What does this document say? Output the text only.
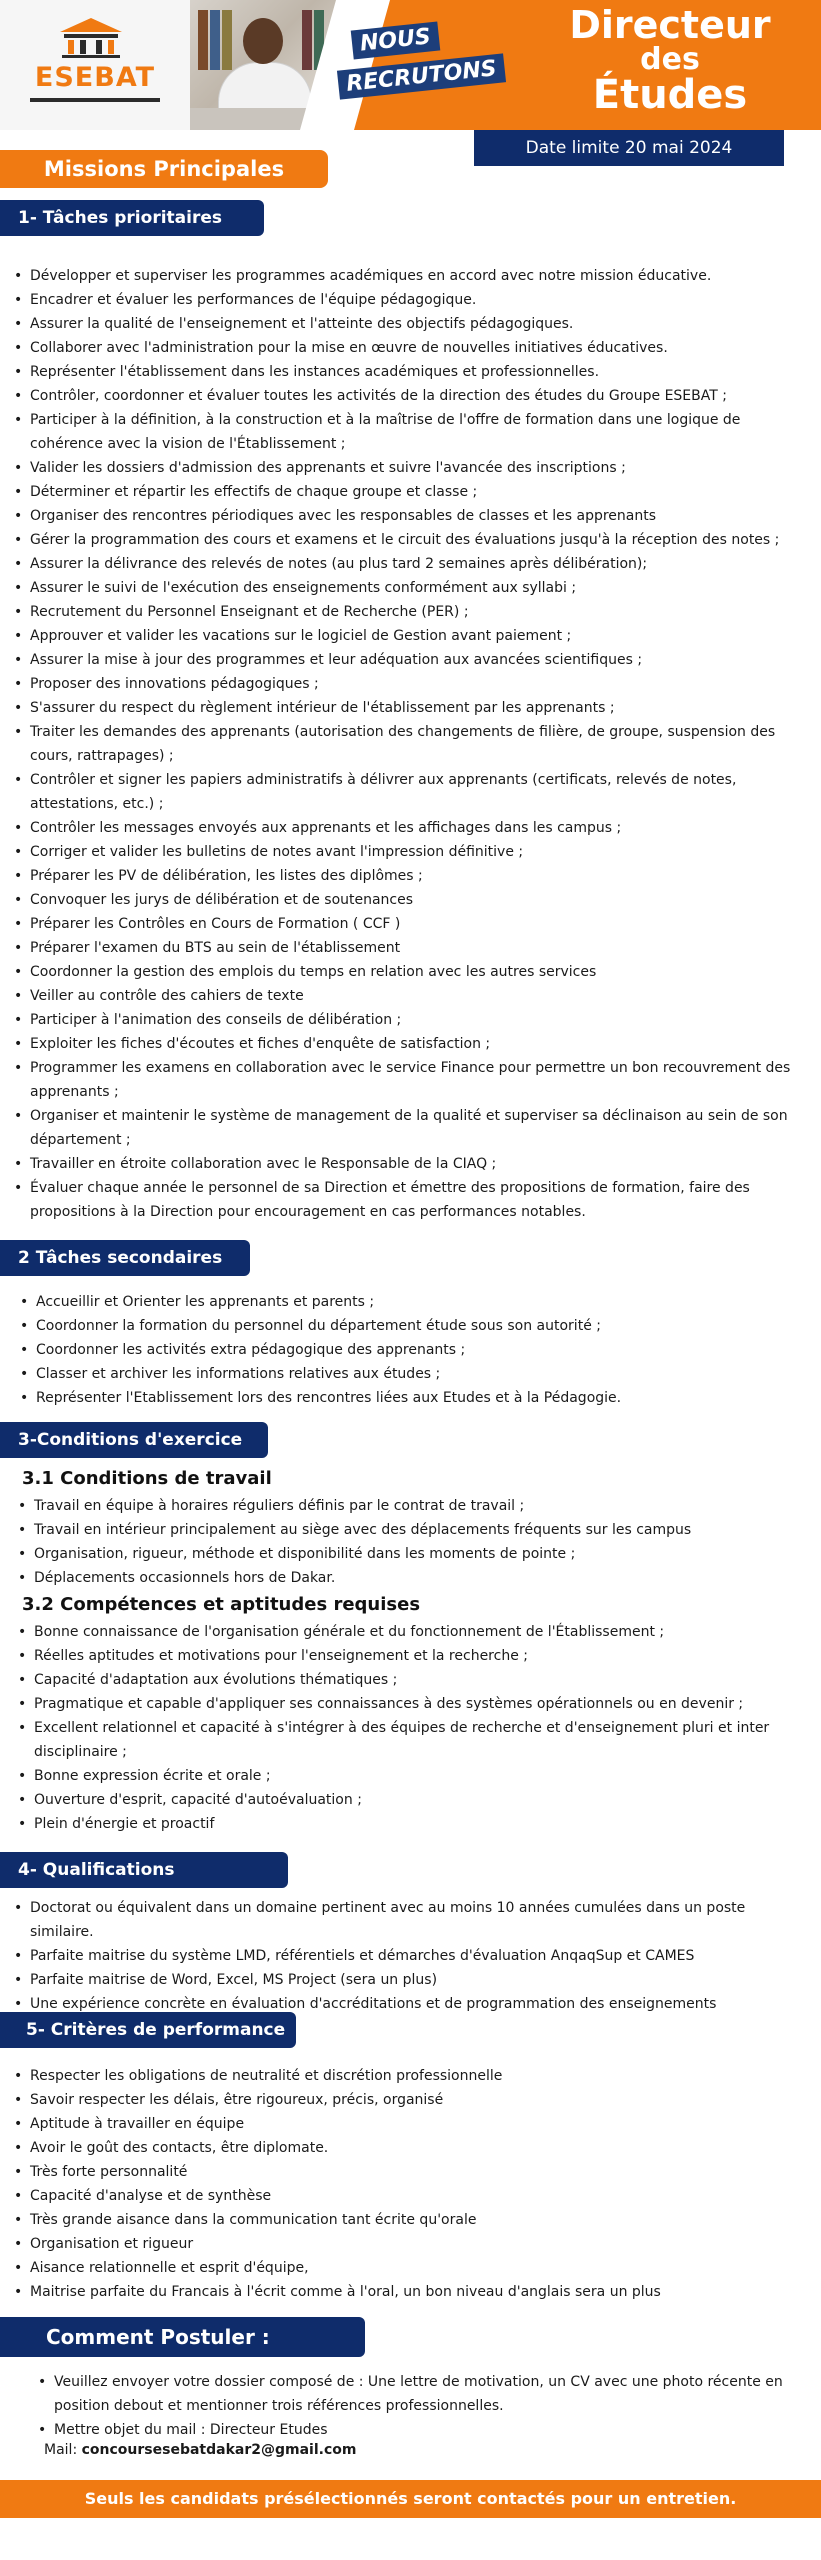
ESEBAT
NOUS
RECRUTONS
Directeur
des
Études
Date limite 20 mai 2024
Missions Principales
1- Tâches prioritaires
• Développer et superviser les programmes académiques en accord avec notre mission éducative.
• Encadrer et évaluer les performances de l'équipe pédagogique.
• Assurer la qualité de l'enseignement et l'atteinte des objectifs pédagogiques.
• Collaborer avec l'administration pour la mise en œuvre de nouvelles initiatives éducatives.
• Représenter l'établissement dans les instances académiques et professionnelles.
• Contrôler, coordonner et évaluer toutes les activités de la direction des études du Groupe ESEBAT ;
• Participer à la définition, à la construction et à la maîtrise de l'offre de formation dans une logique de cohérence avec la vision de l'Établissement ;
• Valider les dossiers d'admission des apprenants et suivre l'avancée des inscriptions ;
• Déterminer et répartir les effectifs de chaque groupe et classe ;
• Organiser des rencontres périodiques avec les responsables de classes et les apprenants
• Gérer la programmation des cours et examens et le circuit des évaluations jusqu'à la réception des notes ;
• Assurer la délivrance des relevés de notes (au plus tard 2 semaines après délibération);
• Assurer le suivi de l'exécution des enseignements conformément aux syllabi ;
• Recrutement du Personnel Enseignant et de Recherche (PER) ;
• Approuver et valider les vacations sur le logiciel de Gestion avant paiement ;
• Assurer la mise à jour des programmes et leur adéquation aux avancées scientifiques ;
• Proposer des innovations pédagogiques ;
• S'assurer du respect du règlement intérieur de l'établissement par les apprenants ;
• Traiter les demandes des apprenants (autorisation des changements de filière, de groupe, suspension des cours, rattrapages) ;
• Contrôler et signer les papiers administratifs à délivrer aux apprenants (certificats, relevés de notes, attestations, etc.) ;
• Contrôler les messages envoyés aux apprenants et les affichages dans les campus ;
• Corriger et valider les bulletins de notes avant l'impression définitive ;
• Préparer les PV de délibération, les listes des diplômes ;
• Convoquer les jurys de délibération et de soutenances
• Préparer les Contrôles en Cours de Formation ( CCF )
• Préparer l'examen du BTS au sein de l'établissement
• Coordonner la gestion des emplois du temps en relation avec les autres services
• Veiller au contrôle des cahiers de texte
• Participer à l'animation des conseils de délibération ;
• Exploiter les fiches d'écoutes et fiches d'enquête de satisfaction ;
• Programmer les examens en collaboration avec le service Finance pour permettre un bon recouvrement des apprenants ;
• Organiser et maintenir le système de management de la qualité et superviser sa déclinaison au sein de son département ;
• Travailler en étroite collaboration avec le Responsable de la CIAQ ;
• Évaluer chaque année le personnel de sa Direction et émettre des propositions de formation, faire des propositions à la Direction pour encouragement en cas performances notables.
2 Tâches secondaires
• Accueillir et Orienter les apprenants et parents ;
• Coordonner la formation du personnel du département étude sous son autorité ;
• Coordonner les activités extra pédagogique des apprenants ;
• Classer et archiver les informations relatives aux études ;
• Représenter l'Etablissement lors des rencontres liées aux Etudes et à la Pédagogie.
3-Conditions d'exercice
3.1 Conditions de travail
• Travail en équipe à horaires réguliers définis par le contrat de travail ;
• Travail en intérieur principalement au siège avec des déplacements fréquents sur les campus
• Organisation, rigueur, méthode et disponibilité dans les moments de pointe ;
• Déplacements occasionnels hors de Dakar.
3.2 Compétences et aptitudes requises
• Bonne connaissance de l'organisation générale et du fonctionnement de l'Établissement ;
• Réelles aptitudes et motivations pour l'enseignement et la recherche ;
• Capacité d'adaptation aux évolutions thématiques ;
• Pragmatique et capable d'appliquer ses connaissances à des systèmes opérationnels ou en devenir ;
• Excellent relationnel et capacité à s'intégrer à des équipes de recherche et d'enseignement pluri et inter disciplinaire ;
• Bonne expression écrite et orale ;
• Ouverture d'esprit, capacité d'autoévaluation ;
• Plein d'énergie et proactif
4- Qualifications
• Doctorat ou équivalent dans un domaine pertinent avec au moins 10 années cumulées dans un poste similaire.
• Parfaite maitrise du système LMD, référentiels et démarches d'évaluation AnqaqSup et CAMES
• Parfaite maitrise de Word, Excel, MS Project (sera un plus)
• Une expérience concrète en évaluation d'accréditations et de programmation des enseignements
5- Critères de performance
• Respecter les obligations de neutralité et discrétion professionnelle
• Savoir respecter les délais, être rigoureux, précis, organisé
• Aptitude à travailler en équipe
• Avoir le goût des contacts, être diplomate.
• Très forte personnalité
• Capacité d'analyse et de synthèse
• Très grande aisance dans la communication tant écrite qu'orale
• Organisation et rigueur
• Aisance relationnelle et esprit d'équipe,
• Maitrise parfaite du Francais à l'écrit comme à l'oral, un bon niveau d'anglais sera un plus
Comment Postuler :
• Veuillez envoyer votre dossier composé de : Une lettre de motivation, un CV avec une photo récente en position debout et mentionner trois références professionnelles.
• Mettre objet du mail : Directeur Etudes
Mail: concoursesebatdakar2@gmail.com
Seuls les candidats présélectionnés seront contactés pour un entretien.
